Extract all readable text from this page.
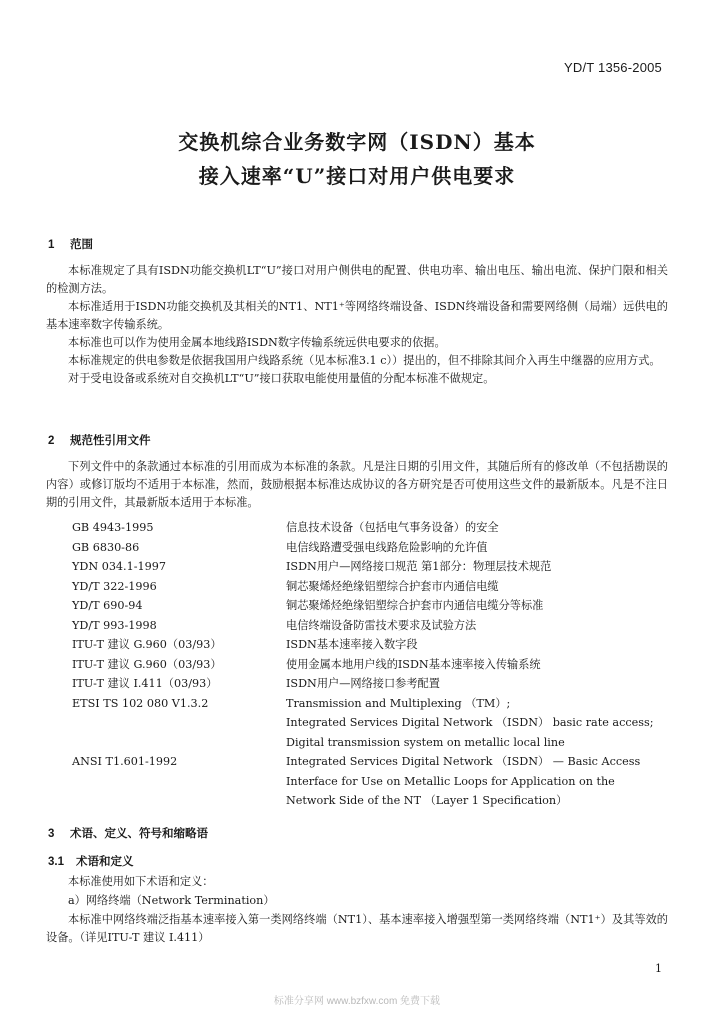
YD/T 1356-2005
交换机综合业务数字网（ISDN）基本
接入速率“U”接口对用户供电要求
1 范围

本标准规定了具有ISDN功能交换机LT“U”接口对用户侧供电的配置、供电功率、输出电压、输出电流、保护门限和相关的检测方法。

本标准适用于ISDN功能交换机及其相关的NT1、NT1⁺等网络终端设备、ISDN终端设备和需要网络侧（局端）远供电的基本速率数字传输系统。

本标准也可以作为使用金属本地线路ISDN数字传输系统远供电要求的依据。

本标准规定的供电参数是依据我国用户线路系统（见本标准3.1 c））提出的，但不排除其间介入再生中继器的应用方式。

对于受电设备或系统对自交换机LT“U”接口获取电能使用量值的分配本标准不做规定。

2 规范性引用文件

下列文件中的条款通过本标准的引用而成为本标准的条款。凡是注日期的引用文件，其随后所有的修改单（不包括勘误的内容）或修订版均不适用于本标准，然而，鼓励根据本标准达成协议的各方研究是否可使用这些文件的最新版本。凡是不注日期的引用文件，其最新版本适用于本标准。

GB 4943-1995	信息技术设备（包括电气事务设备）的安全
GB 6830-86	电信线路遭受强电线路危险影响的允许值
YDN 034.1-1997	ISDN用户—网络接口规范 第1部分：物理层技术规范
YD/T 322-1996	铜芯聚烯烃绝缘铝塑综合护套市内通信电缆
YD/T 690-94	铜芯聚烯烃绝缘铝塑综合护套市内通信电缆分等标准
YD/T 993-1998	电信终端设备防雷技术要求及试验方法
ITU-T 建议 G.960（03/93）	ISDN基本速率接入数字段
ITU-T 建议 G.960（03/93）	使用金属本地用户线的ISDN基本速率接入传输系统
ITU-T 建议 I.411（03/93）	ISDN用户—网络接口参考配置
ETSI TS 102 080 V1.3.2	Transmission and Multiplexing （TM）;
Integrated Services Digital Network （ISDN） basic rate access;
Digital transmission system on metallic local line
ANSI T1.601-1992	Integrated Services Digital Network （ISDN） — Basic Access
Interface for Use on Metallic Loops for Application on the
Network Side of the NT （Layer 1 Specification）
3 术语、定义、符号和缩略语
3.1 术语和定义
本标准使用如下术语和定义：
a）网络终端（Network Termination）

本标准中网络终端泛指基本速率接入第一类网络终端（NT1）、基本速率接入增强型第一类网络终端（NT1⁺）及其等效的设备。（详见ITU-T 建议 I.411）

1
标准分享网 www.bzfxw.com 免费下载
